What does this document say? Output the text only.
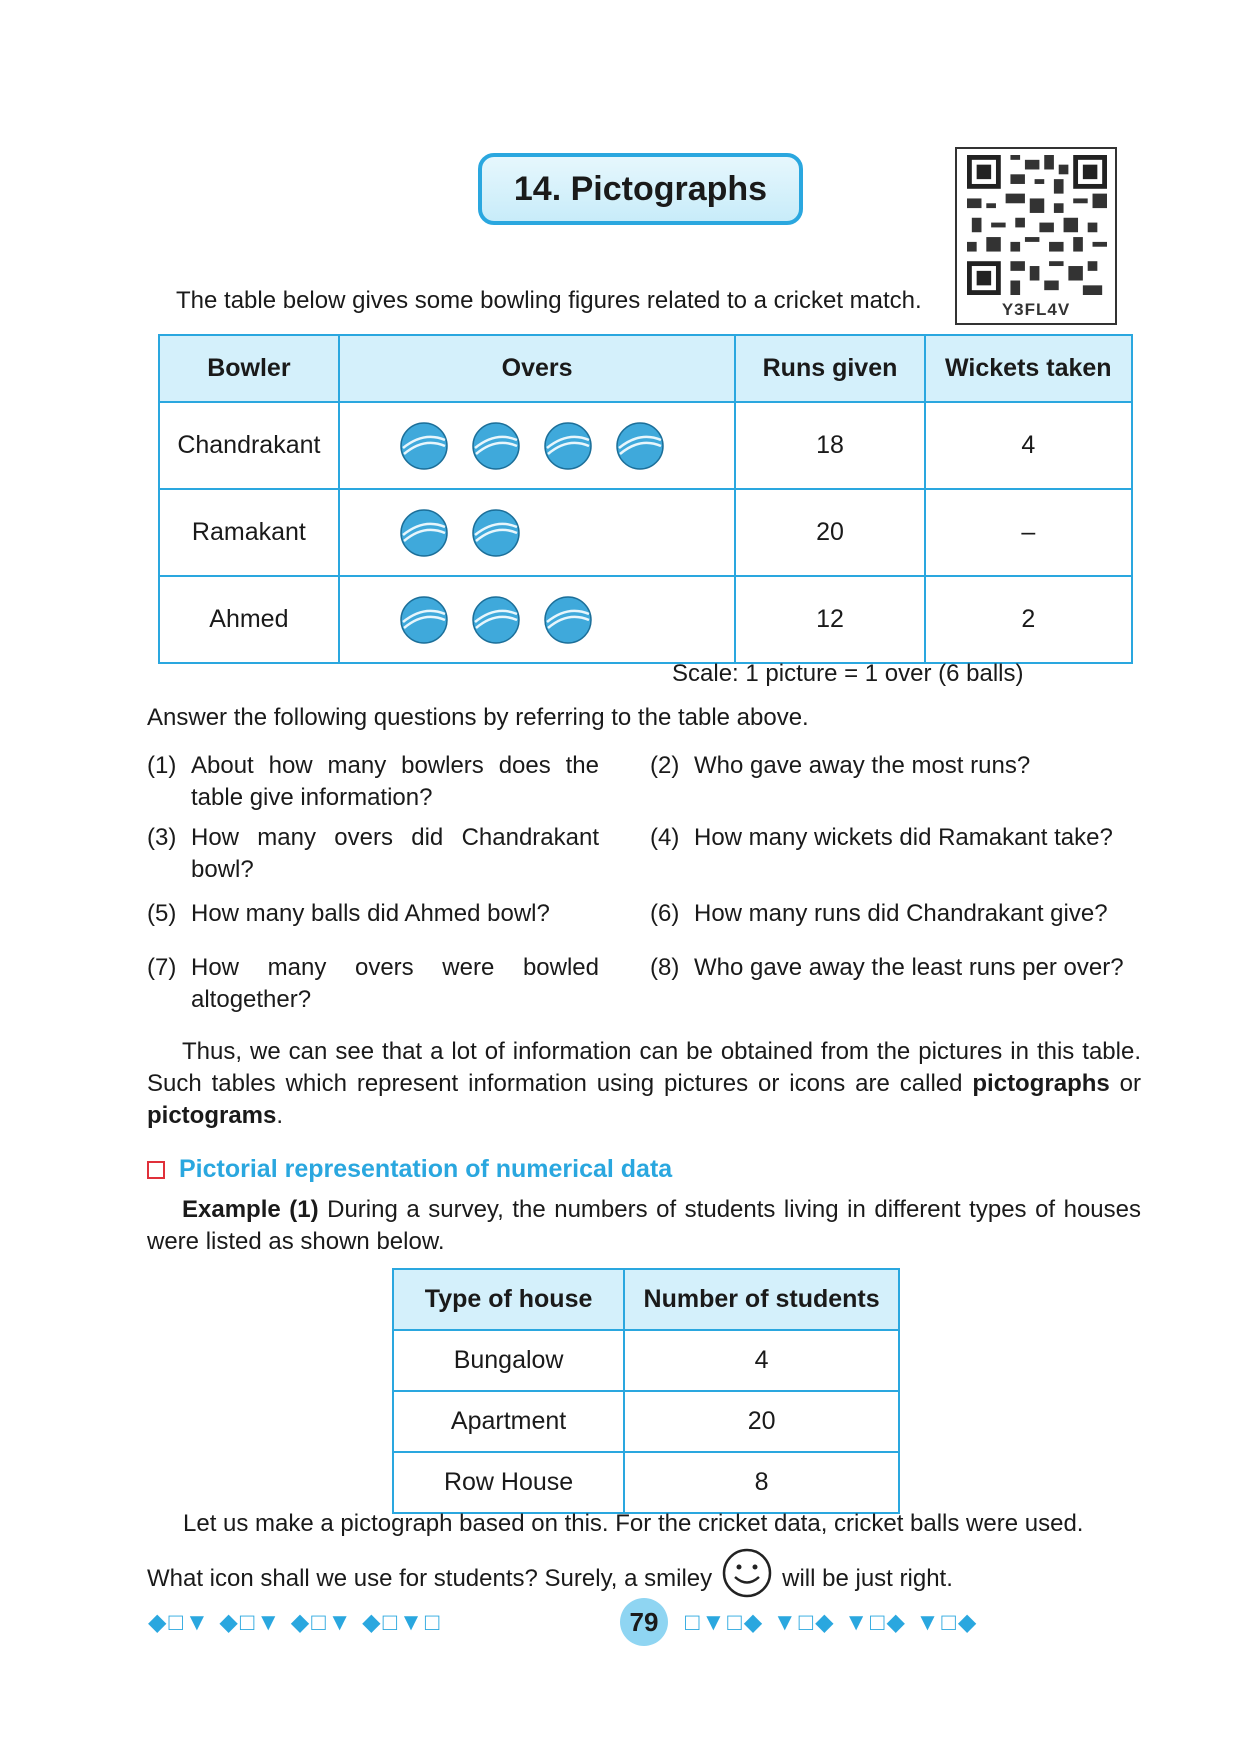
14. Pictographs
Y3FL4V
The table below gives some bowling figures related to a cricket match.
Bowler	Overs	Runs given	Wickets taken
Chandrakant		18	4
Ramakant		20	–
Ahmed		12	2
Scale: 1 picture = 1 over (6 balls)
Answer the following questions by referring to the table above.
(1) About how many bowlers does the table give information?
(2) Who gave away the most runs?
(3) How many overs did Chandrakant bowl?
(4) How many wickets did Ramakant take?
(5) How many balls did Ahmed bowl?	(6) How many runs did Chandrakant give?
(7) How many overs were bowled altogether?
(8) Who gave away the least runs per over?
Thus, we can see that a lot of information can be obtained from the pictures in this table. Such tables which represent information using pictures or icons are called pictographs or pictograms.
Pictorial representation of numerical data
Example (1) During a survey, the numbers of students living in different types of houses were listed as shown below.
Type of house	Number of students
Bungalow	4
Apartment	20
Row House	8
Let us make a pictograph based on this. For the cricket data, cricket balls were used.
What icon shall we use for students? Surely, a smiley	will be just right.
◆□▼ ◆□▼ ◆□▼ ◆□▼□	79	□▼□◆ ▼□◆ ▼□◆ ▼□◆
